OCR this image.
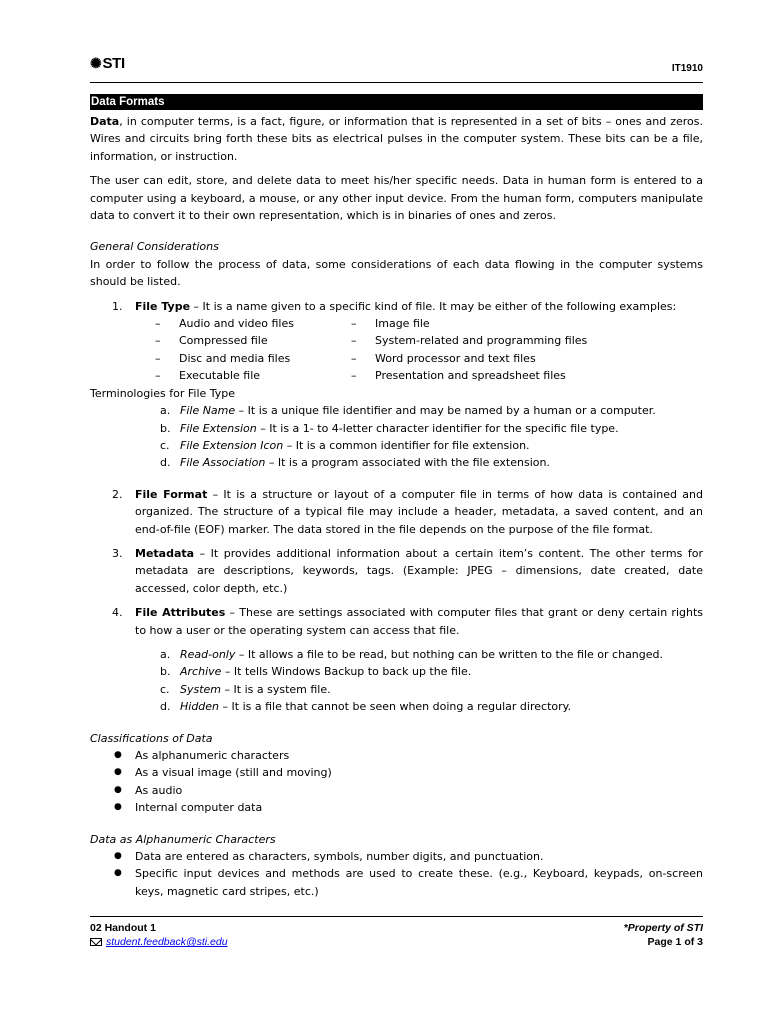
✺ STI	IT1910
Data Formats

Data, in computer terms, is a fact, figure, or information that is represented in a set of bits – ones and zeros. Wires and circuits bring forth these bits as electrical pulses in the computer system. These bits can be a file, information, or instruction.

The user can edit, store, and delete data to meet his/her specific needs. Data in human form is entered to a computer using a keyboard, a mouse, or any other input device. From the human form, computers manipulate data to convert it to their own representation, which is in binaries of ones and zeros.

General Considerations

In order to follow the process of data, some considerations of each data flowing in the computer systems should be listed.

1. File Type – It is a name given to a specific kind of file. It may be either of the following examples:
– Audio and video files	– Image file
– Compressed file	– System-related and programming files
– Disc and media files	– Word processor and text files
– Executable file	– Presentation and spreadsheet files

Terminologies for File Type

a. File Name – It is a unique file identifier and may be named by a human or a computer.
b. File Extension – It is a 1- to 4-letter character identifier for the specific file type.
c. File Extension Icon – It is a common identifier for file extension.
d. File Association – It is a program associated with the file extension.
2. File Format – It is a structure or layout of a computer file in terms of how data is contained and organized. The structure of a typical file may include a header, metadata, a saved content, and an end-of-file (EOF) marker. The data stored in the file depends on the purpose of the file format.
3. Metadata – It provides additional information about a certain item’s content. The other terms for metadata are descriptions, keywords, tags. (Example: JPEG – dimensions, date created, date accessed, color depth, etc.)
4. File Attributes – These are settings associated with computer files that grant or deny certain rights to how a user or the operating system can access that file.
a. Read-only – It allows a file to be read, but nothing can be written to the file or changed.
b. Archive – It tells Windows Backup to back up the file.
c. System – It is a system file.
d. Hidden – It is a file that cannot be seen when doing a regular directory.

Classifications of Data

● As alphanumeric characters
● As a visual image (still and moving)
● As audio
● Internal computer data

Data as Alphanumeric Characters

● Data are entered as characters, symbols, number digits, and punctuation.
● Specific input devices and methods are used to create these. (e.g., Keyboard, keypads, on-screen keys, magnetic card stripes, etc.)
02 Handout 1
student.feedback@sti.edu
*Property of STI
Page 1 of 3
